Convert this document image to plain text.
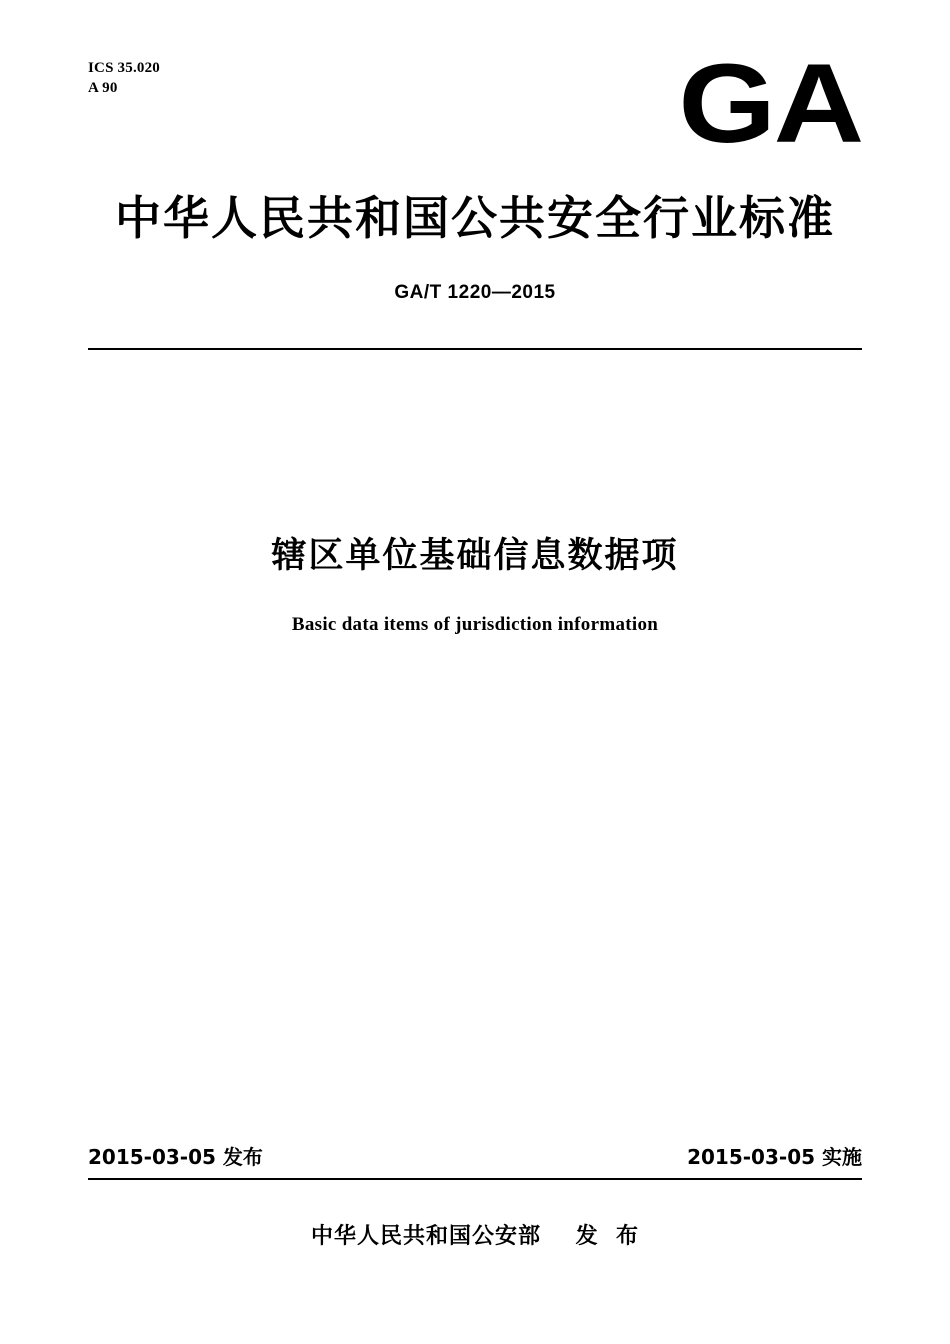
ICS 35.020
A 90	GA
中华人民共和国公共安全行业标准
GA/T 1220—2015
辖区单位基础信息数据项
Basic data items of jurisdiction information
2015-03-05 发布	2015-03-05 实施
中华人民共和国公安部    发  布
